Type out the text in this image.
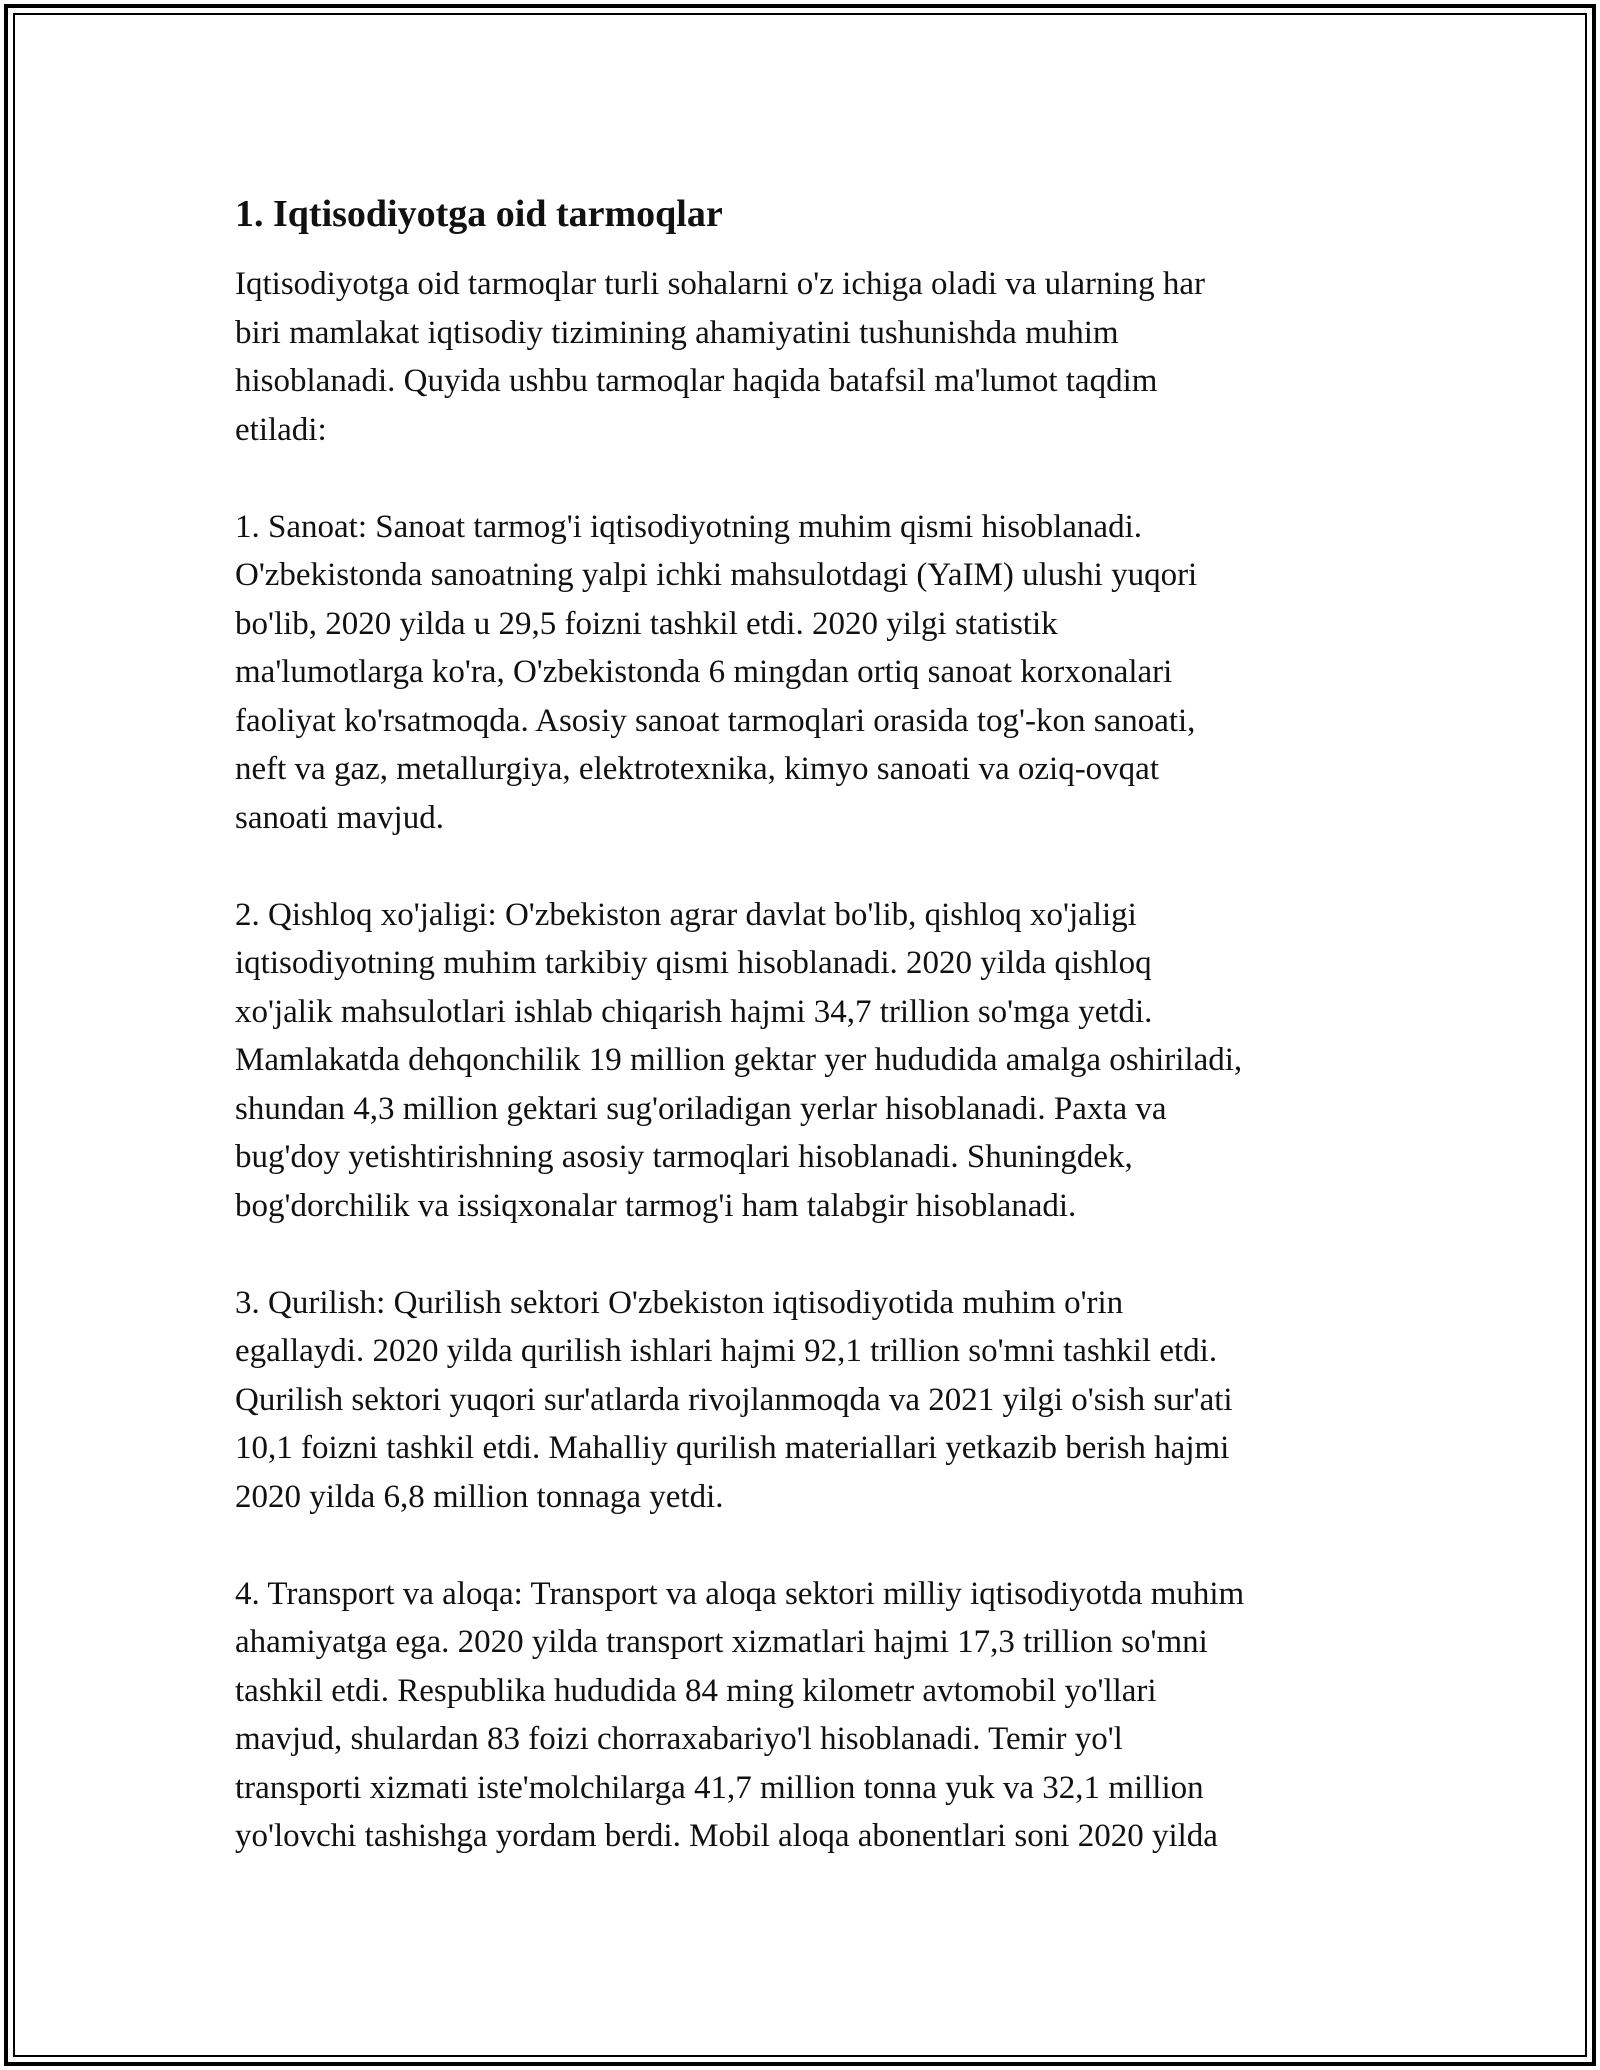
1. Iqtisodiyotga oid tarmoqlar
Iqtisodiyotga oid tarmoqlar turli sohalarni o'z ichiga oladi va ularning har
biri mamlakat iqtisodiy tizimining ahamiyatini tushunishda muhim
hisoblanadi. Quyida ushbu tarmoqlar haqida batafsil ma'lumot taqdim
etiladi:
1. Sanoat: Sanoat tarmog'i iqtisodiyotning muhim qismi hisoblanadi.
O'zbekistonda sanoatning yalpi ichki mahsulotdagi (YaIM) ulushi yuqori
bo'lib, 2020 yilda u 29,5 foizni tashkil etdi. 2020 yilgi statistik
ma'lumotlarga ko'ra, O'zbekistonda 6 mingdan ortiq sanoat korxonalari
faoliyat ko'rsatmoqda. Asosiy sanoat tarmoqlari orasida tog'-kon sanoati,
neft va gaz, metallurgiya, elektrotexnika, kimyo sanoati va oziq-ovqat
sanoati mavjud.
2. Qishloq xo'jaligi: O'zbekiston agrar davlat bo'lib, qishloq xo'jaligi
iqtisodiyotning muhim tarkibiy qismi hisoblanadi. 2020 yilda qishloq
xo'jalik mahsulotlari ishlab chiqarish hajmi 34,7 trillion so'mga yetdi.
Mamlakatda dehqonchilik 19 million gektar yer hududida amalga oshiriladi,
shundan 4,3 million gektari sug'oriladigan yerlar hisoblanadi. Paxta va
bug'doy yetishtirishning asosiy tarmoqlari hisoblanadi. Shuningdek,
bog'dorchilik va issiqxonalar tarmog'i ham talabgir hisoblanadi.
3. Qurilish: Qurilish sektori O'zbekiston iqtisodiyotida muhim o'rin
egallaydi. 2020 yilda qurilish ishlari hajmi 92,1 trillion so'mni tashkil etdi.
Qurilish sektori yuqori sur'atlarda rivojlanmoqda va 2021 yilgi o'sish sur'ati
10,1 foizni tashkil etdi. Mahalliy qurilish materiallari yetkazib berish hajmi
2020 yilda 6,8 million tonnaga yetdi.
4. Transport va aloqa: Transport va aloqa sektori milliy iqtisodiyotda muhim
ahamiyatga ega. 2020 yilda transport xizmatlari hajmi 17,3 trillion so'mni
tashkil etdi. Respublika hududida 84 ming kilometr avtomobil yo'llari
mavjud, shulardan 83 foizi chorraxabariyo'l hisoblanadi. Temir yo'l
transporti xizmati iste'molchilarga 41,7 million tonna yuk va 32,1 million
yo'lovchi tashishga yordam berdi. Mobil aloqa abonentlari soni 2020 yilda
